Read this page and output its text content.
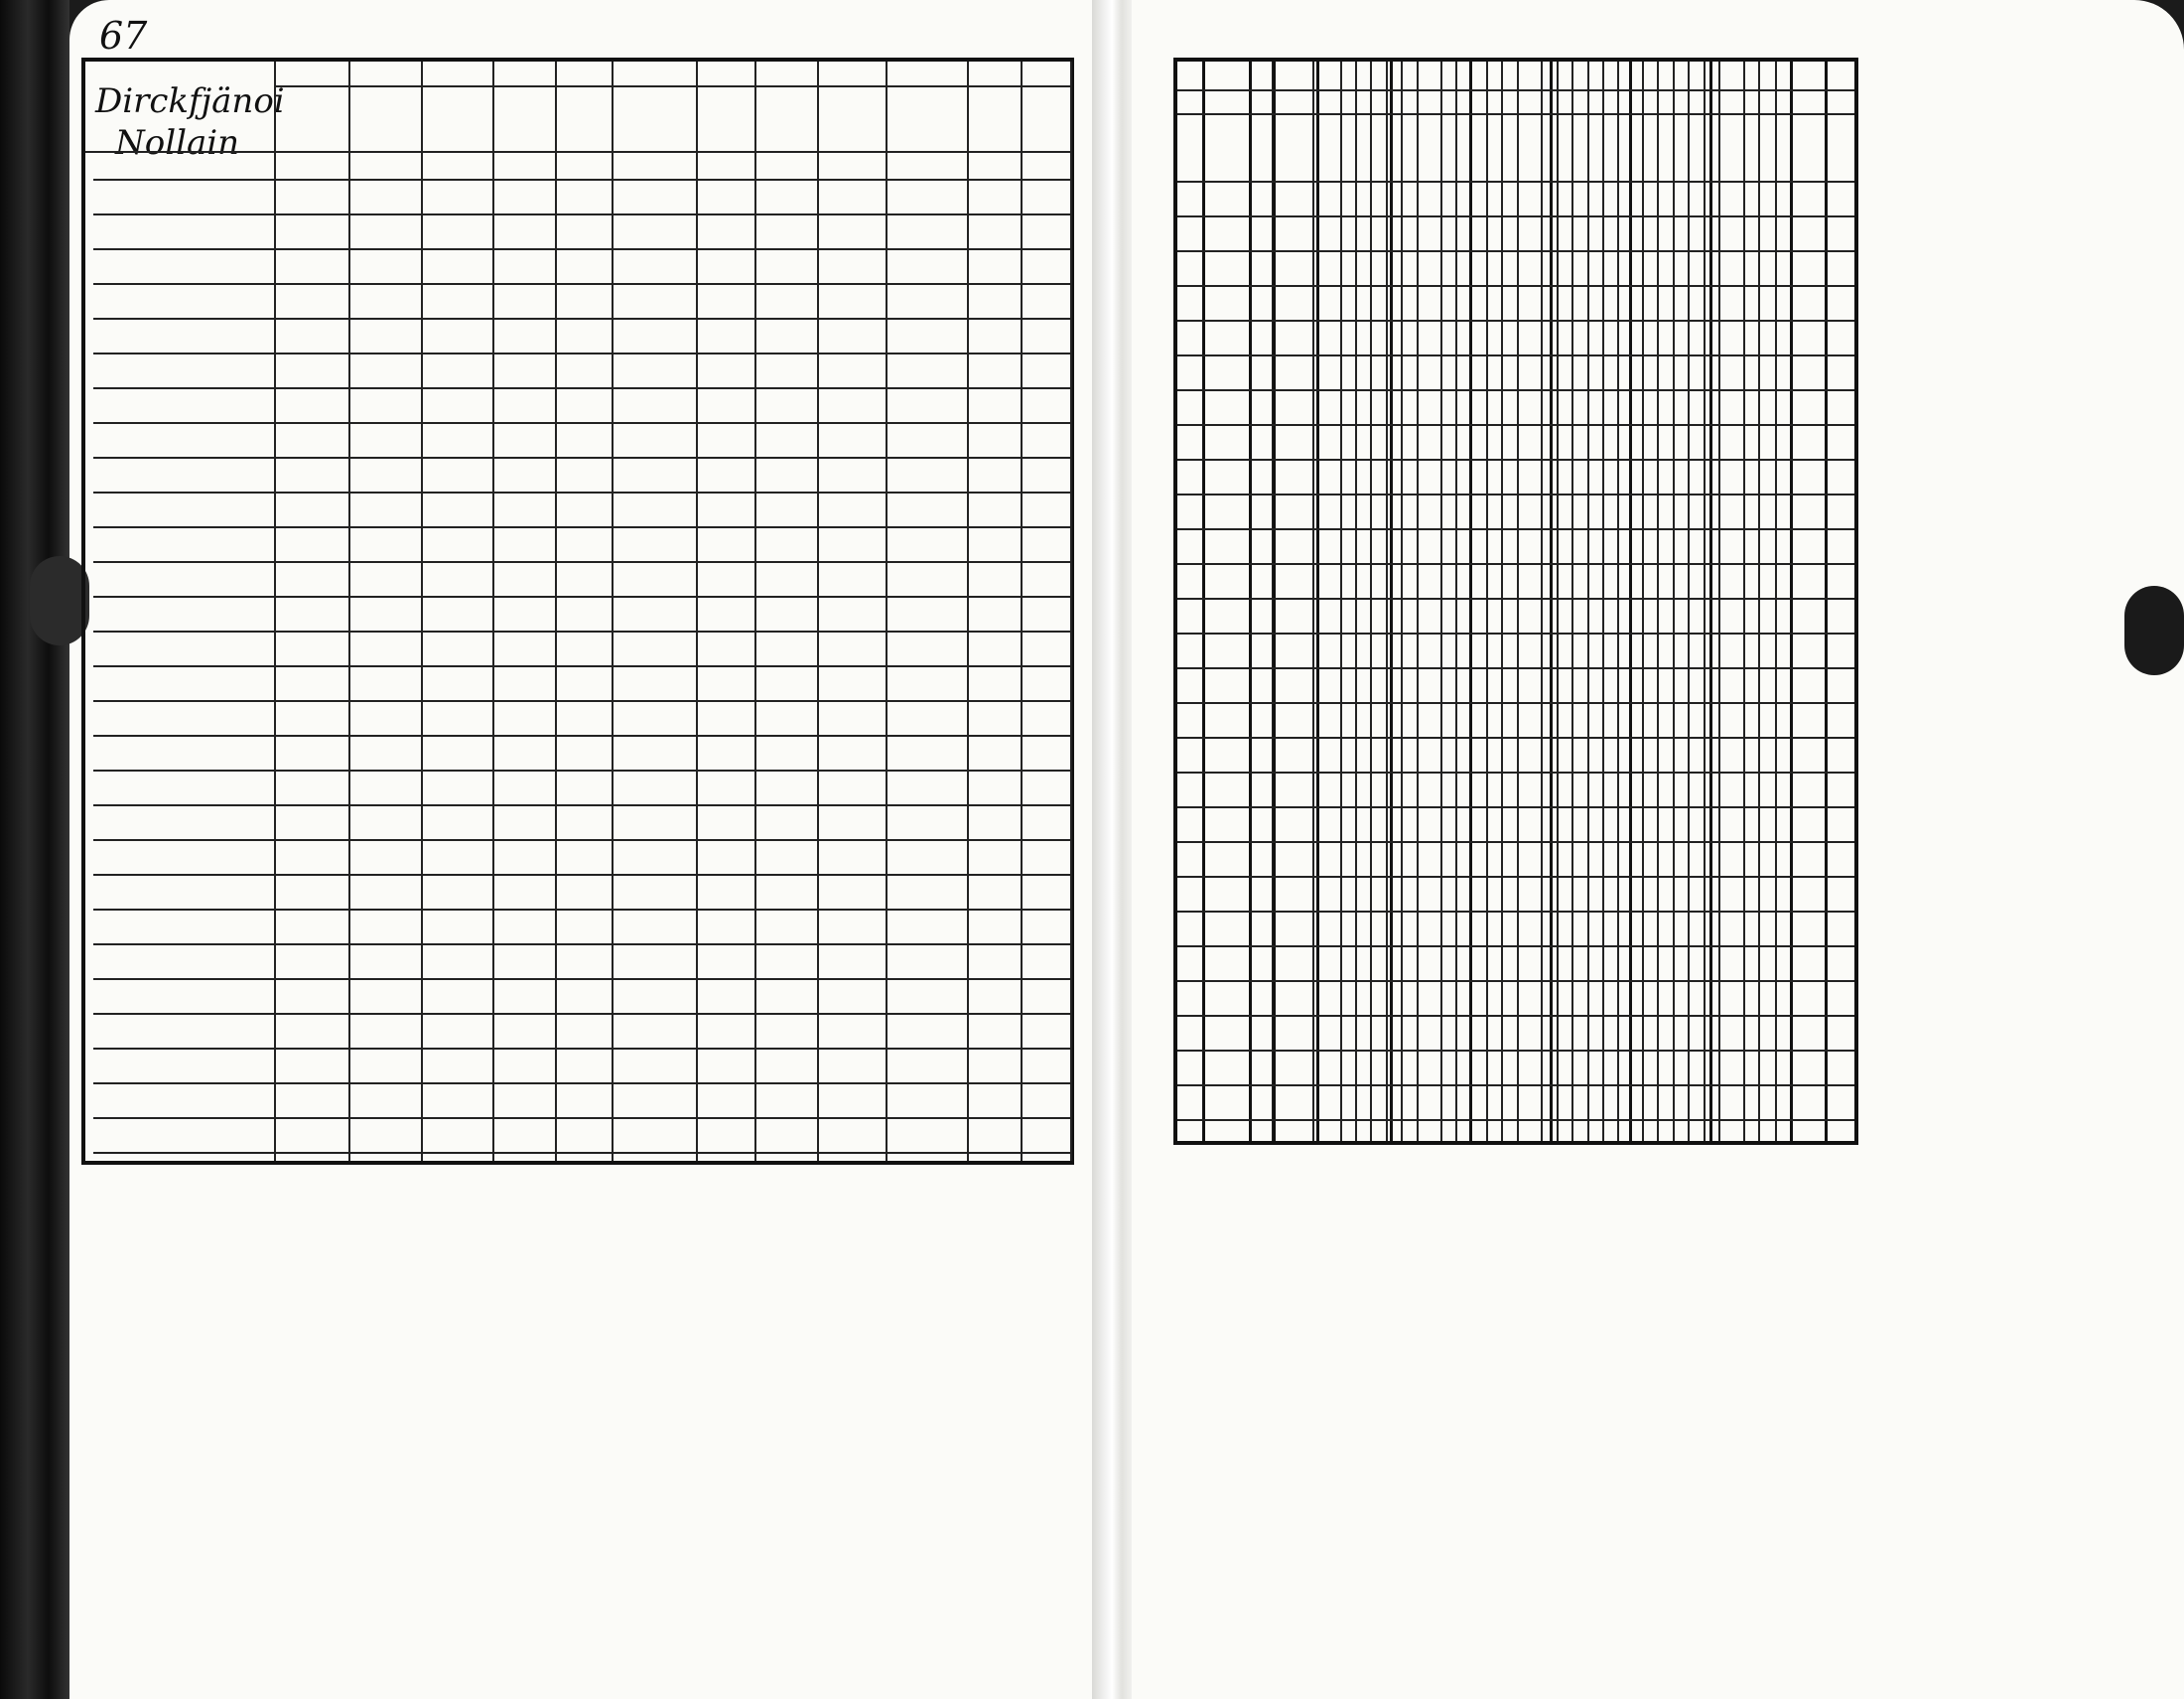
67
Dirckfjänoi
Nollain
